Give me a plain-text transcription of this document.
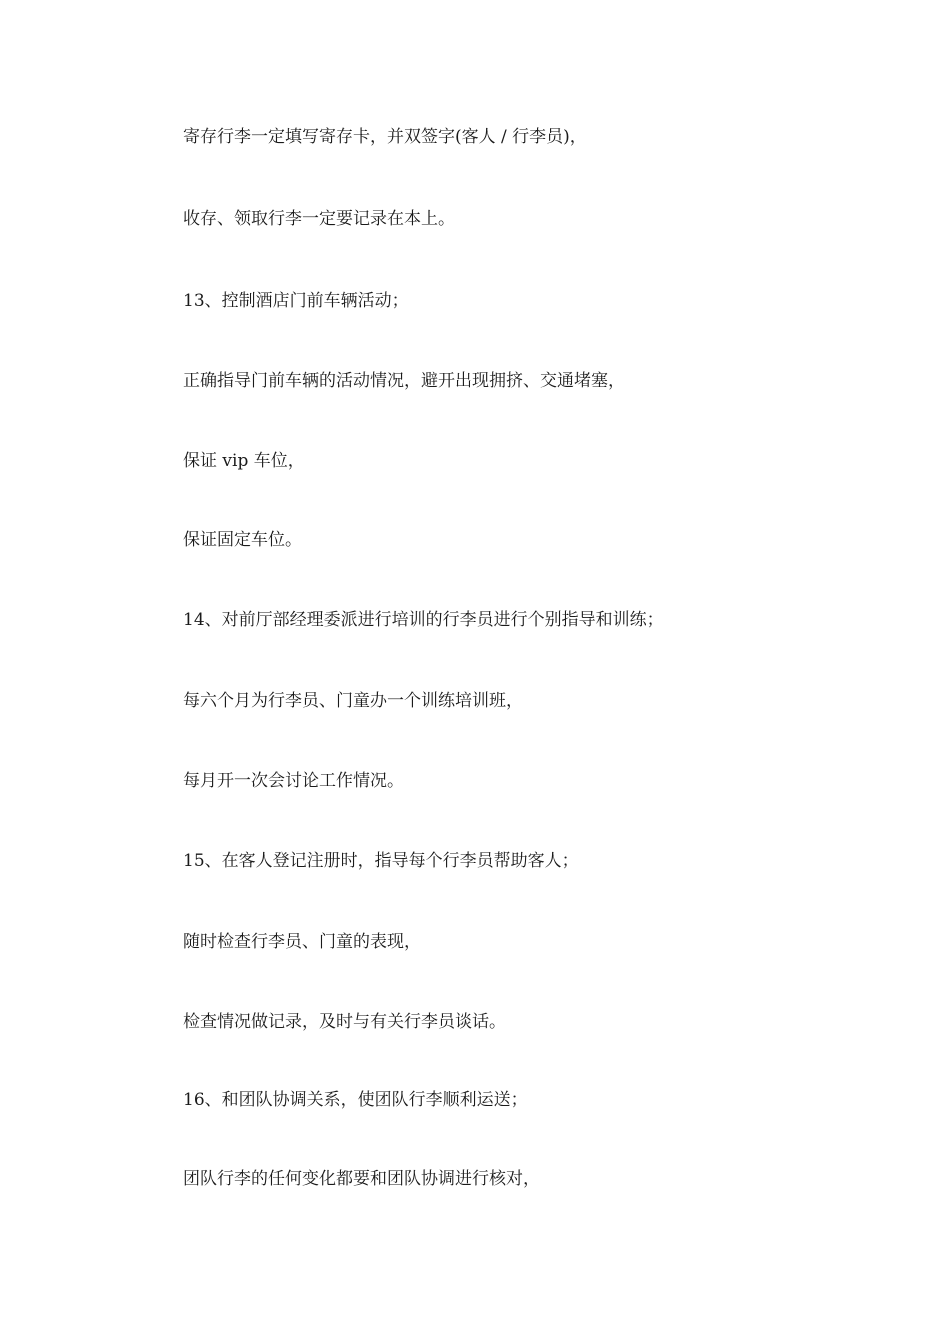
寄存行李一定填写寄存卡，并双签字(客人 / 行李员)，

收存、领取行李一定要记录在本上。

13、控制酒店门前车辆活动；

正确指导门前车辆的活动情况，避开出现拥挤、交通堵塞，

保证 vip 车位，

保证固定车位。

14、对前厅部经理委派进行培训的行李员进行个别指导和训练；

每六个月为行李员、门童办一个训练培训班，

每月开一次会讨论工作情况。

15、在客人登记注册时，指导每个行李员帮助客人；

随时检查行李员、门童的表现，

检查情况做记录，及时与有关行李员谈话。

16、和团队协调关系，使团队行李顺利运送；

团队行李的任何变化都要和团队协调进行核对，
